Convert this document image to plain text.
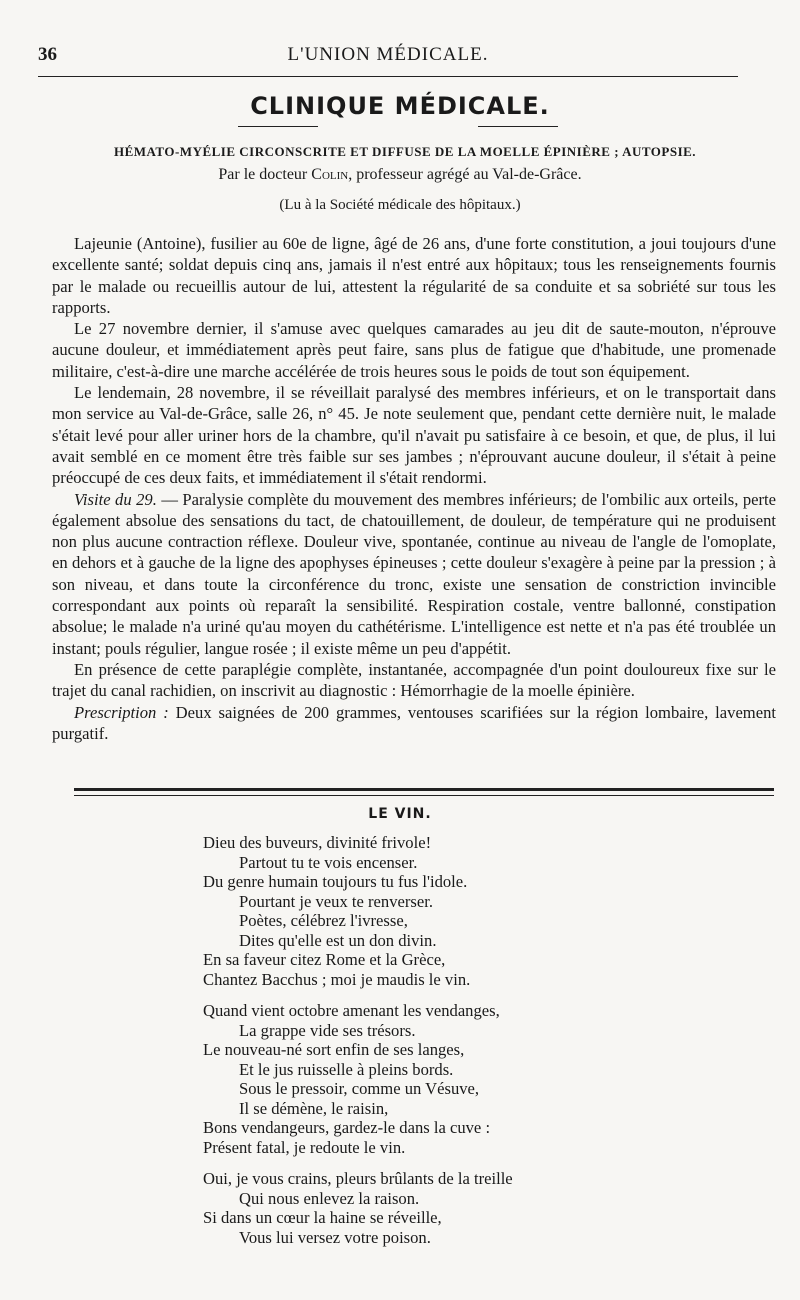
36	L'UNION MÉDICALE.
CLINIQUE MÉDICALE.
HÉMATO-MYÉLIE CIRCONSCRITE ET DIFFUSE DE LA MOELLE ÉPINIÈRE ; AUTOPSIE.
Par le docteur Colin, professeur agrégé au Val-de-Grâce.
(Lu à la Société médicale des hôpitaux.)

Lajeunie (Antoine), fusilier au 60e de ligne, âgé de 26 ans, d'une forte constitution, a joui toujours d'une excellente santé; soldat depuis cinq ans, jamais il n'est entré aux hôpitaux; tous les renseignements fournis par le malade ou recueillis autour de lui, attestent la régularité de sa conduite et sa sobriété sur tous les rapports.

Le 27 novembre dernier, il s'amuse avec quelques camarades au jeu dit de saute-mouton, n'éprouve aucune douleur, et immédiatement après peut faire, sans plus de fatigue que d'habitude, une promenade militaire, c'est-à-dire une marche accélérée de trois heures sous le poids de tout son équipement.

Le lendemain, 28 novembre, il se réveillait paralysé des membres inférieurs, et on le transportait dans mon service au Val-de-Grâce, salle 26, n° 45. Je note seulement que, pendant cette dernière nuit, le malade s'était levé pour aller uriner hors de la chambre, qu'il n'avait pu satisfaire à ce besoin, et que, de plus, il lui avait semblé en ce moment être très faible sur ses jambes ; n'éprouvant aucune douleur, il s'était à peine préoccupé de ces deux faits, et immédiatement il s'était rendormi.

Visite du 29. — Paralysie complète du mouvement des membres inférieurs; de l'ombilic aux orteils, perte également absolue des sensations du tact, de chatouillement, de douleur, de température qui ne produisent non plus aucune contraction réflexe. Douleur vive, spontanée, continue au niveau de l'angle de l'omoplate, en dehors et à gauche de la ligne des apophyses épineuses ; cette douleur s'exagère à peine par la pression ; à son niveau, et dans toute la circonférence du tronc, existe une sensation de constriction invincible correspondant aux points où reparaît la sensibilité. Respiration costale, ventre ballonné, constipation absolue; le malade n'a uriné qu'au moyen du cathétérisme. L'intelligence est nette et n'a pas été troublée un instant; pouls régulier, langue rosée ; il existe même un peu d'appétit.

En présence de cette paraplégie complète, instantanée, accompagnée d'un point douloureux fixe sur le trajet du canal rachidien, on inscrivit au diagnostic : Hémorrhagie de la moelle épinière.

Prescription : Deux saignées de 200 grammes, ventouses scarifiées sur la région lombaire, lavement purgatif.

LE VIN.
Dieu des buveurs, divinité frivole!
Partout tu te vois encenser.
Du genre humain toujours tu fus l'idole.
Pourtant je veux te renverser.
Poètes, célébrez l'ivresse,
Dites qu'elle est un don divin.
En sa faveur citez Rome et la Grèce,
Chantez Bacchus ; moi je maudis le vin.
Quand vient octobre amenant les vendanges,
La grappe vide ses trésors.
Le nouveau-né sort enfin de ses langes,
Et le jus ruisselle à pleins bords.
Sous le pressoir, comme un Vésuve,
Il se démène, le raisin,
Bons vendangeurs, gardez-le dans la cuve :
Présent fatal, je redoute le vin.
Oui, je vous crains, pleurs brûlants de la treille
Qui nous enlevez la raison.
Si dans un cœur la haine se réveille,
Vous lui versez votre poison.
